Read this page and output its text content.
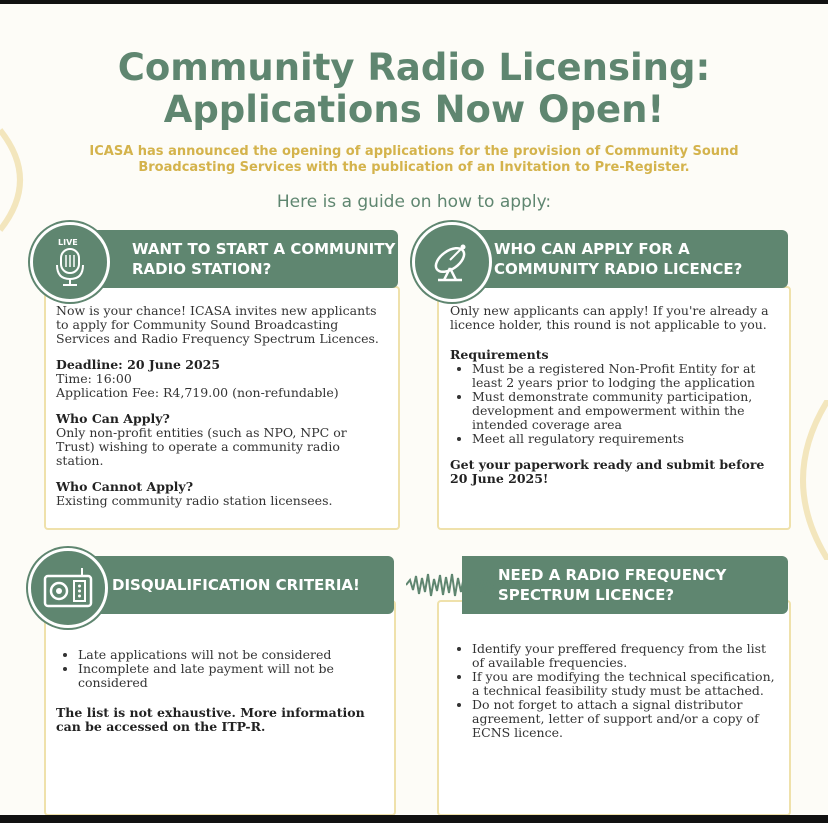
Community Radio Licensing:
Applications Now Open!
ICASA has announced the opening of applications for the provision of Community Sound Broadcasting Services with the publication of an Invitation to Pre-Register.
Here is a guide on how to apply:
WANT TO START A COMMUNITY RADIO STATION?
LIVE

Now is your chance! ICASA invites new applicants to apply for Community Sound Broadcasting Services and Radio Frequency Spectrum Licences.

Deadline: 20 June 2025

Time: 16:00

Application Fee: R4,719.00 (non-refundable)

Who Can Apply?

Only non-profit entities (such as NPO, NPC or Trust) wishing to operate a community radio station.

Who Cannot Apply?

Existing community radio station licensees.

WHO CAN APPLY FOR A COMMUNITY RADIO LICENCE?

Only new applicants can apply! If you're already a licence holder, this round is not applicable to you.

Requirements

• Must be a registered Non-Profit Entity for at least 2 years prior to lodging the application
• Must demonstrate community participation, development and empowerment within the intended coverage area
• Meet all regulatory requirements

Get your paperwork ready and submit before 20 June 2025!

DISQUALIFICATION CRITERIA!
• Late applications will not be considered
• Incomplete and late payment will not be considered

The list is not exhaustive. More information can be accessed on the ITP-R.

NEED A RADIO FREQUENCY SPECTRUM LICENCE?
• Identify your preffered frequency from the list of available frequencies.
• If you are modifying the technical specification, a technical feasibility study must be attached.
• Do not forget to attach a signal distributor agreement, letter of support and/or a copy of ECNS licence.
